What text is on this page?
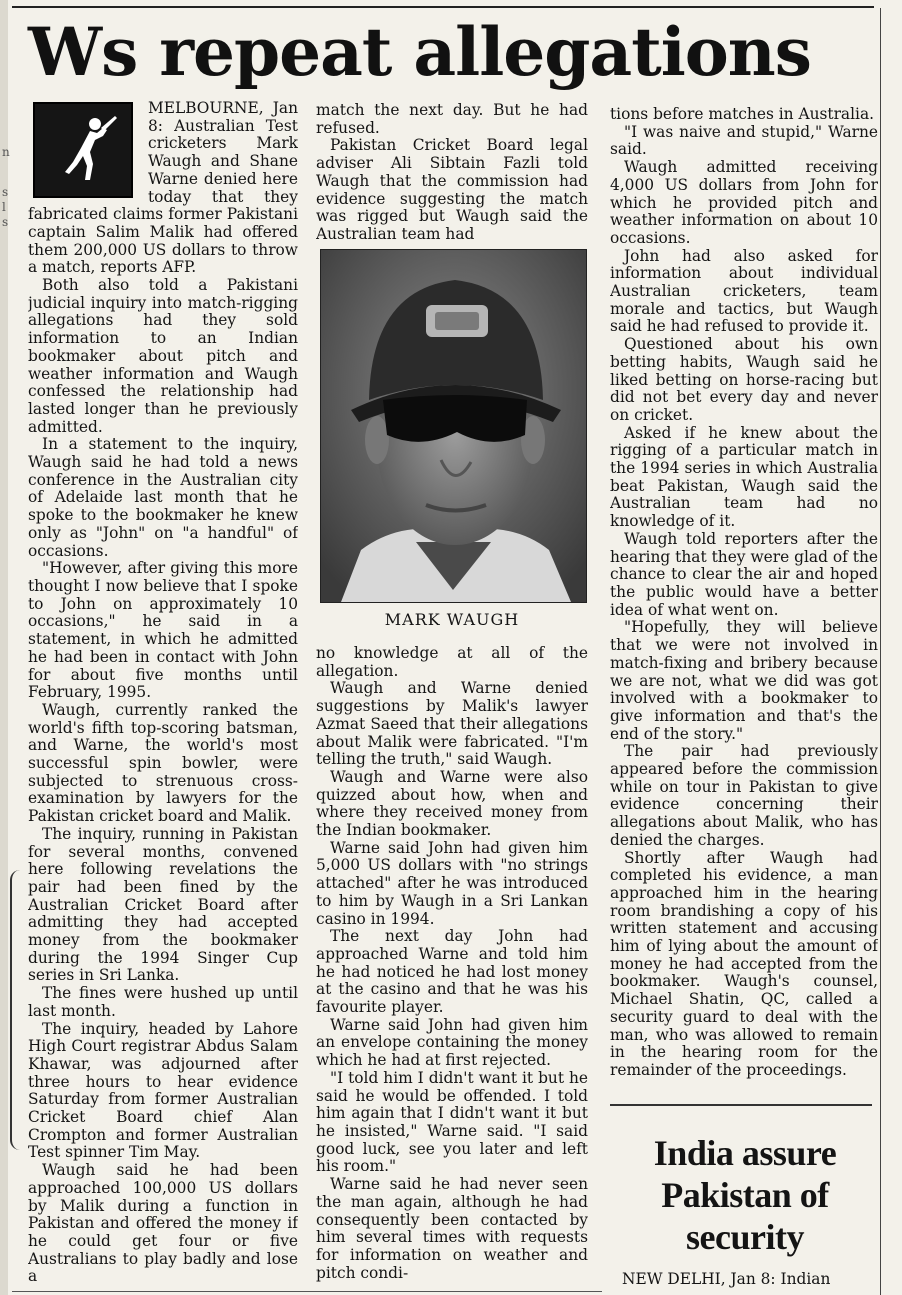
n
s
l
s
Ws repeat allegations

MELBOURNE, Jan 8: Australian Test cricketers Mark Waugh and Shane Warne denied here today that they fabricated claims former Pakistani captain Salim Malik had offered them 200,000 US dollars to throw a match, reports AFP.

Both also told a Pakistani judicial inquiry into match-rigging allegations had they sold information to an Indian bookmaker about pitch and weather information and Waugh confessed the relationship had lasted longer than he previously admitted.

In a statement to the inquiry, Waugh said he had told a news conference in the Australian city of Adelaide last month that he spoke to the bookmaker he knew only as "John" on "a handful" of occasions.

"However, after giving this more thought I now believe that I spoke to John on approximately 10 occasions," he said in a statement, in which he admitted he had been in contact with John for about five months until February, 1995.

Waugh, currently ranked the world's fifth top-scoring batsman, and Warne, the world's most successful spin bowler, were subjected to strenuous cross-examination by lawyers for the Pakistan cricket board and Malik.

The inquiry, running in Pakistan for several months, convened here following revelations the pair had been fined by the Australian Cricket Board after admitting they had accepted money from the bookmaker during the 1994 Singer Cup series in Sri Lanka.

The fines were hushed up until last month.

The inquiry, headed by Lahore High Court registrar Abdus Salam Khawar, was adjourned after three hours to hear evidence Saturday from former Australian Cricket Board chief Alan Crompton and former Australian Test spinner Tim May.

Waugh said he had been approached 100,000 US dollars by Malik during a function in Pakistan and offered the money if he could get four or five Australians to play badly and lose a

match the next day. But he had refused.

Pakistan Cricket Board legal adviser Ali Sibtain Fazli told Waugh that the commission had evidence suggesting the match was rigged but Waugh said the Australian team had

MARK WAUGH

no knowledge at all of the allegation.

Waugh and Warne denied suggestions by Malik's lawyer Azmat Saeed that their allegations about Malik were fabricated. "I'm telling the truth," said Waugh.

Waugh and Warne were also quizzed about how, when and where they received money from the Indian bookmaker.

Warne said John had given him 5,000 US dollars with "no strings attached" after he was introduced to him by Waugh in a Sri Lankan casino in 1994.

The next day John had approached Warne and told him he had noticed he had lost money at the casino and that he was his favourite player.

Warne said John had given him an envelope containing the money which he had at first rejected.

"I told him I didn't want it but he said he would be offended. I told him again that I didn't want it but he insisted," Warne said. "I said good luck, see you later and left his room."

Warne said he had never seen the man again, although he had consequently been contacted by him several times with requests for information on weather and pitch condi-

tions before matches in Australia.

"I was naive and stupid," Warne said.

Waugh admitted receiving 4,000 US dollars from John for which he provided pitch and weather information on about 10 occasions.

John had also asked for information about individual Australian cricketers, team morale and tactics, but Waugh said he had refused to provide it.

Questioned about his own betting habits, Waugh said he liked betting on horse-racing but did not bet every day and never on cricket.

Asked if he knew about the rigging of a particular match in the 1994 series in which Australia beat Pakistan, Waugh said the Australian team had no knowledge of it.

Waugh told reporters after the hearing that they were glad of the chance to clear the air and hoped the public would have a better idea of what went on.

"Hopefully, they will believe that we were not involved in match-fixing and bribery because we are not, what we did was got involved with a bookmaker to give information and that's the end of the story."

The pair had previously appeared before the commission while on tour in Pakistan to give evidence concerning their allegations about Malik, who has denied the charges.

Shortly after Waugh had completed his evidence, a man approached him in the hearing room brandishing a copy of his written statement and accusing him of lying about the amount of money he had accepted from the bookmaker. Waugh's counsel, Michael Shatin, QC, called a security guard to deal with the man, who was allowed to remain in the hearing room for the remainder of the proceedings.

India assure
Pakistan of
security
NEW DELHI, Jan 8: Indian
